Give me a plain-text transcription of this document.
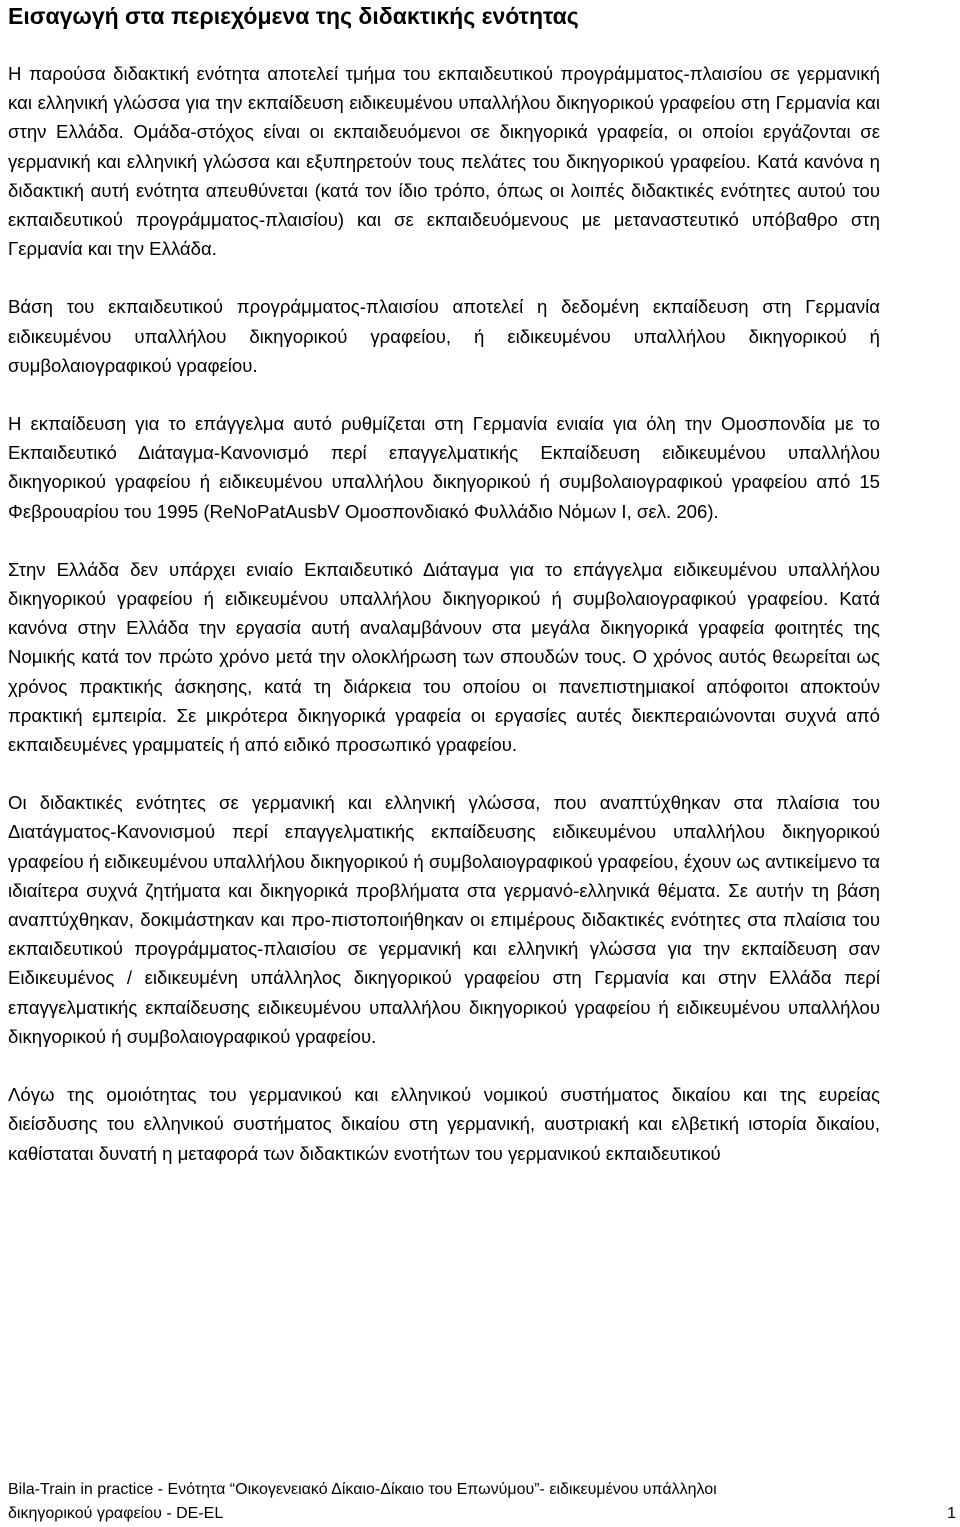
Εισαγωγή στα περιεχόμενα της διδακτικής ενότητας

Η παρούσα διδακτική ενότητα αποτελεί τμήμα του εκπαιδευτικού προγράμματος-πλαισίου σε γερμανική και ελληνική γλώσσα για την εκπαίδευση ειδικευμένου υπαλλήλου δικηγορικού γραφείου στη Γερμανία και στην Ελλάδα. Ομάδα-στόχος είναι οι εκπαιδευόμενοι σε δικηγορικά γραφεία, οι οποίοι εργάζονται σε γερμανική και ελληνική γλώσσα και εξυπηρετούν τους πελάτες του δικηγορικού γραφείου. Κατά κανόνα η διδακτική αυτή ενότητα απευθύνεται (κατά τον ίδιο τρόπο, όπως οι λοιπές διδακτικές ενότητες αυτού του εκπαιδευτικού προγράμματος-πλαισίου) και σε εκπαιδευόμενους με μεταναστευτικό υπόβαθρο στη Γερμανία και την Ελλάδα.

Βάση του εκπαιδευτικού προγράμματος-πλαισίου αποτελεί η δεδομένη εκπαίδευση στη Γερμανία ειδικευμένου υπαλλήλου δικηγορικού γραφείου, ή ειδικευμένου υπαλλήλου δικηγορικού ή συμβολαιογραφικού γραφείου.

Η εκπαίδευση για το επάγγελμα αυτό ρυθμίζεται στη Γερμανία ενιαία για όλη την Ομοσπονδία με το Εκπαιδευτικό Διάταγμα-Κανονισμό περί επαγγελματικής Εκπαίδευση ειδικευμένου υπαλλήλου δικηγορικού γραφείου ή ειδικευμένου υπαλλήλου δικηγορικού ή συμβολαιογραφικού γραφείου από 15 Φεβρουαρίου του 1995 (ReNoPatAusbV Ομοσπονδιακό Φυλλάδιο Νόμων I, σελ. 206).

Στην Ελλάδα δεν υπάρχει ενιαίο Εκπαιδευτικό Διάταγμα για το επάγγελμα ειδικευμένου υπαλλήλου δικηγορικού γραφείου ή ειδικευμένου υπαλλήλου δικηγορικού ή συμβολαιογραφικού γραφείου. Κατά κανόνα στην Ελλάδα την εργασία αυτή αναλαμβάνουν στα μεγάλα δικηγορικά γραφεία φοιτητές της Νομικής κατά τον πρώτο χρόνο μετά την ολοκλήρωση των σπουδών τους. Ο χρόνος αυτός θεωρείται ως χρόνος πρακτικής άσκησης, κατά τη διάρκεια του οποίου οι πανεπιστημιακοί απόφοιτοι αποκτούν πρακτική εμπειρία. Σε μικρότερα δικηγορικά γραφεία οι εργασίες αυτές διεκπεραιώνονται συχνά από εκπαιδευμένες γραμματείς ή από ειδικό προσωπικό γραφείου.

Οι διδακτικές ενότητες σε γερμανική και ελληνική γλώσσα, που αναπτύχθηκαν στα πλαίσια του Διατάγματος-Κανονισμού περί επαγγελματικής εκπαίδευσης ειδικευμένου υπαλλήλου δικηγορικού γραφείου ή ειδικευμένου υπαλλήλου δικηγορικού ή συμβολαιογραφικού γραφείου, έχουν ως αντικείμενο τα ιδιαίτερα συχνά ζητήματα και δικηγορικά προβλήματα στα γερμανό-ελληνικά θέματα. Σε αυτήν τη βάση αναπτύχθηκαν, δοκιμάστηκαν και προ-πιστοποιήθηκαν οι επιμέρους διδακτικές ενότητες στα πλαίσια του εκπαιδευτικού προγράμματος-πλαισίου σε γερμανική και ελληνική γλώσσα για την εκπαίδευση σαν Ειδικευμένος / ειδικευμένη υπάλληλος δικηγορικού γραφείου στη Γερμανία και στην Ελλάδα περί επαγγελματικής εκπαίδευσης ειδικευμένου υπαλλήλου δικηγορικού γραφείου ή ειδικευμένου υπαλλήλου δικηγορικού ή συμβολαιογραφικού γραφείου.

Λόγω της ομοιότητας του γερμανικού και ελληνικού νομικού συστήματος δικαίου και της ευρείας διείσδυσης του ελληνικού συστήματος δικαίου στη γερμανική, αυστριακή και ελβετική ιστορία δικαίου, καθίσταται δυνατή η μεταφορά των διδακτικών ενοτήτων του γερμανικού εκπαιδευτικού

Bila-Train in practice - Ενότητα “Οικογενειακό Δίκαιο-Δίκαιο του Επωνύμου”- ειδικευμένου υπάλληλοι
δικηγορικού γραφείου - DE-EL	1
